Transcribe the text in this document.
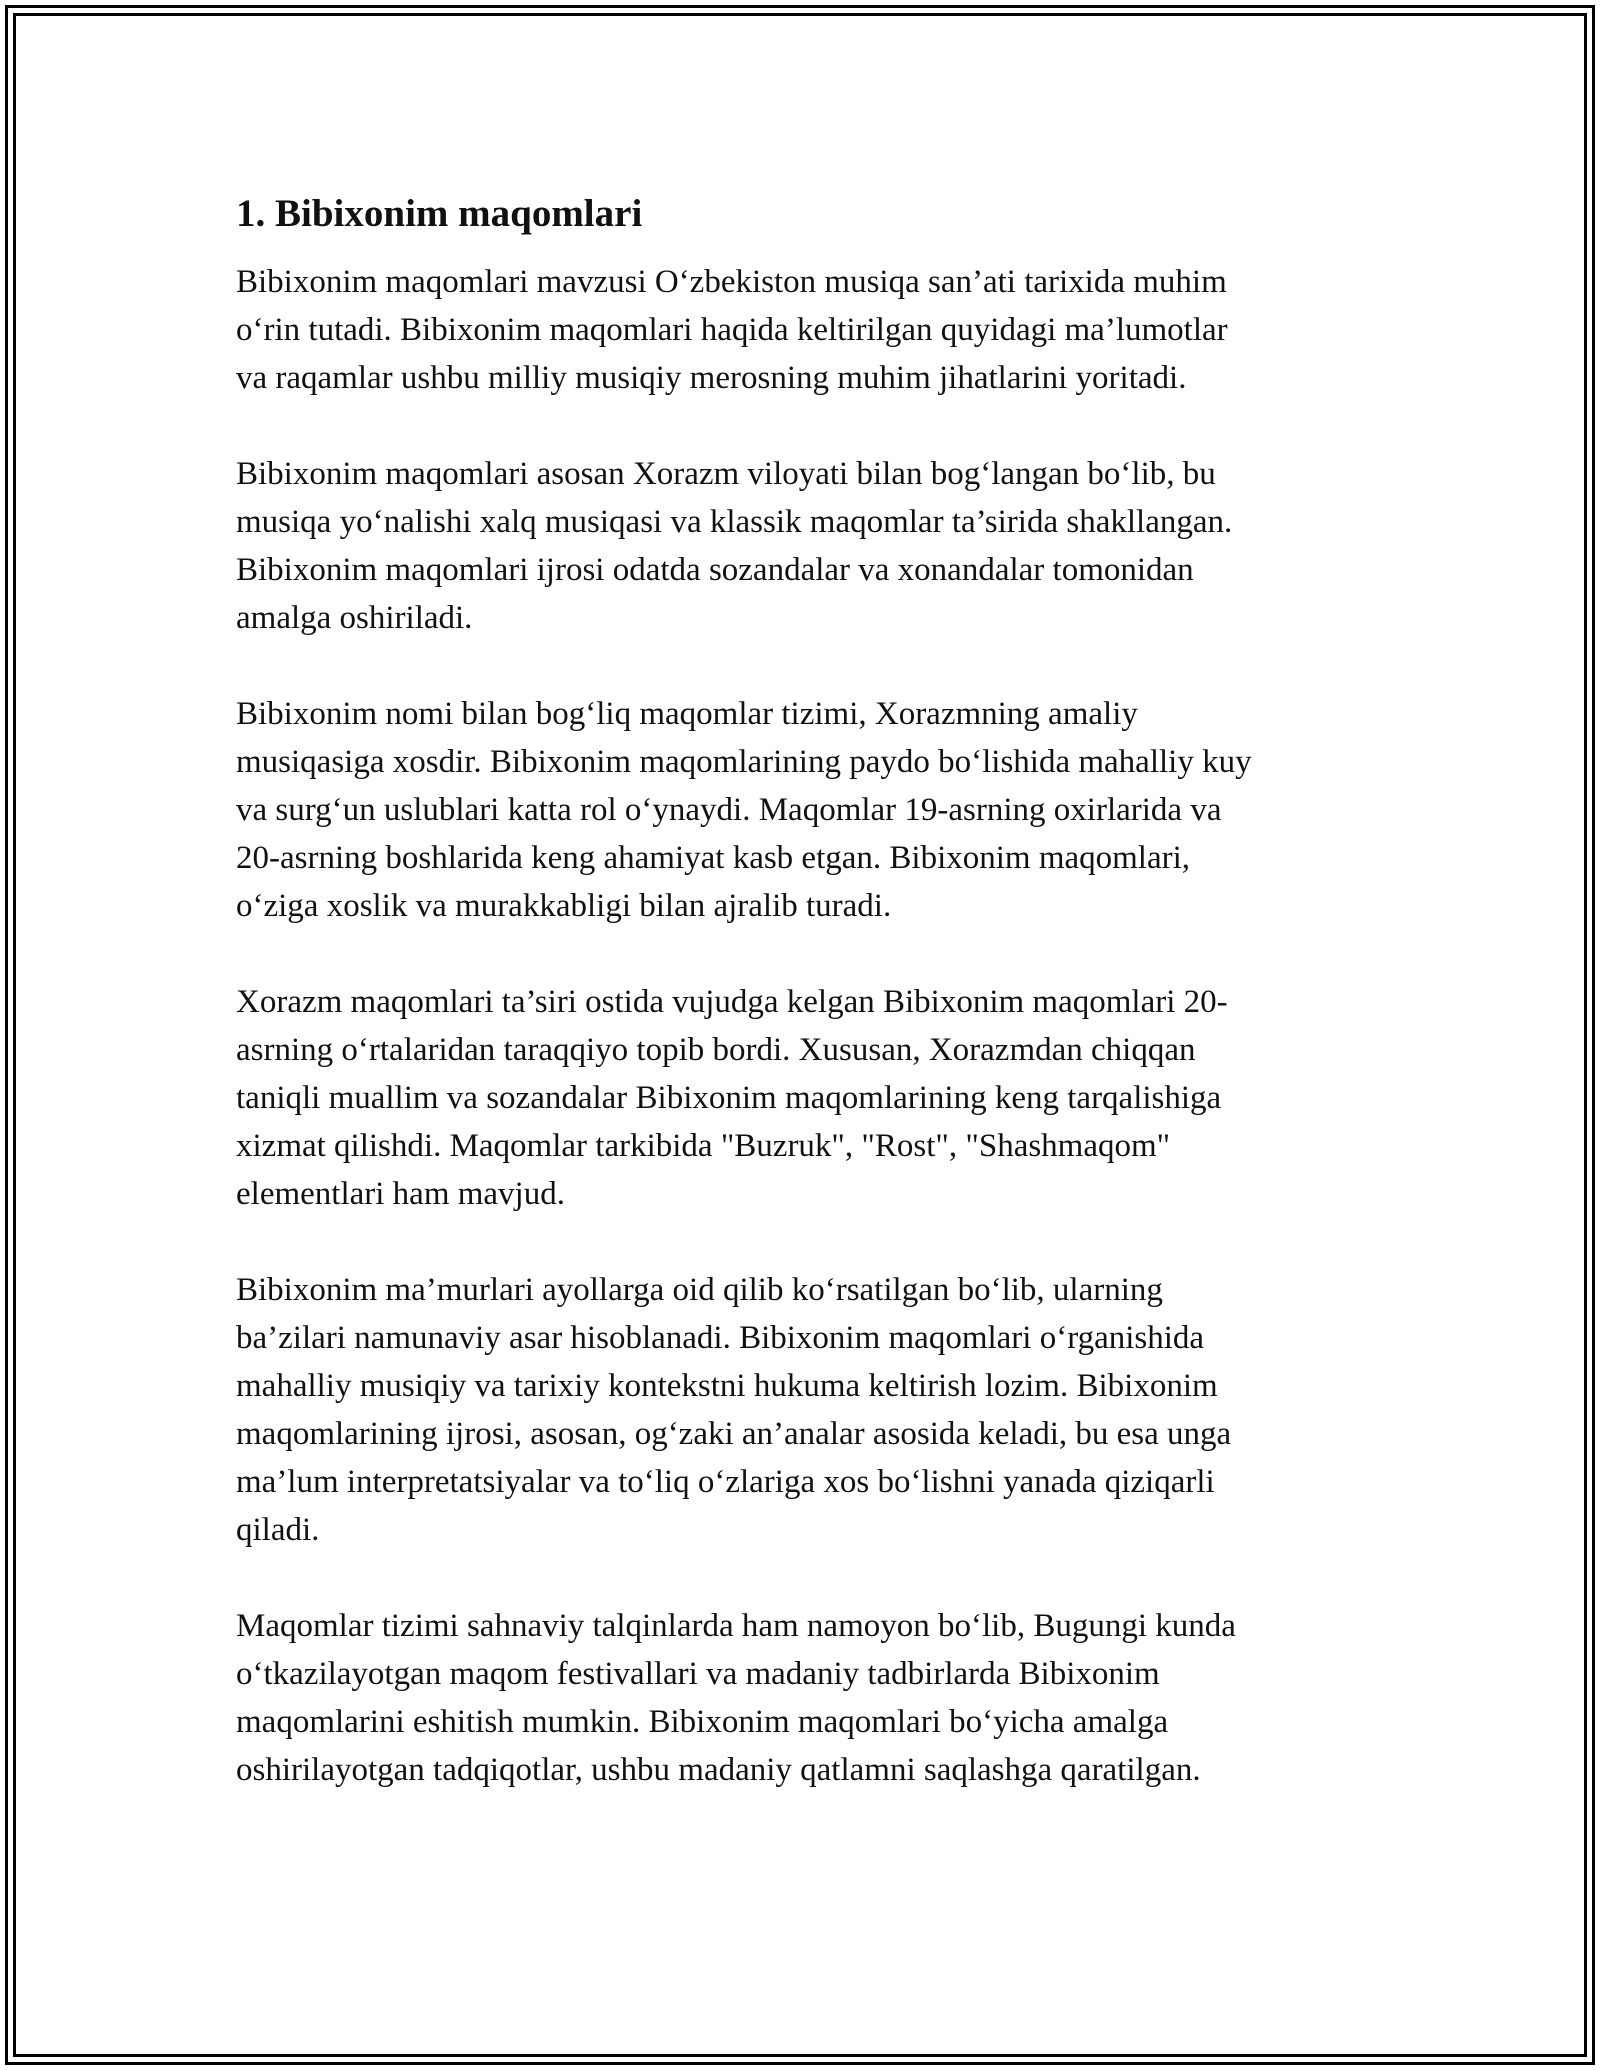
1. Bibixonim maqomlari

Bibixonim maqomlari mavzusi O‘zbekiston musiqa san’ati tarixida muhim
o‘rin tutadi. Bibixonim maqomlari haqida keltirilgan quyidagi ma’lumotlar
va raqamlar ushbu milliy musiqiy merosning muhim jihatlarini yoritadi.

Bibixonim maqomlari asosan Xorazm viloyati bilan bog‘langan bo‘lib, bu
musiqa yo‘nalishi xalq musiqasi va klassik maqomlar ta’sirida shakllangan.
Bibixonim maqomlari ijrosi odatda sozandalar va xonandalar tomonidan
amalga oshiriladi.

Bibixonim nomi bilan bog‘liq maqomlar tizimi, Xorazmning amaliy
musiqasiga xosdir. Bibixonim maqomlarining paydo bo‘lishida mahalliy kuy
va surg‘un uslublari katta rol o‘ynaydi. Maqomlar 19-asrning oxirlarida va
20-asrning boshlarida keng ahamiyat kasb etgan. Bibixonim maqomlari,
o‘ziga xoslik va murakkabligi bilan ajralib turadi.

Xorazm maqomlari ta’siri ostida vujudga kelgan Bibixonim maqomlari 20-
asrning o‘rtalaridan taraqqiyo topib bordi. Xususan, Xorazmdan chiqqan
taniqli muallim va sozandalar Bibixonim maqomlarining keng tarqalishiga
xizmat qilishdi. Maqomlar tarkibida "Buzruk", "Rost", "Shashmaqom"
elementlari ham mavjud.

Bibixonim ma’murlari ayollarga oid qilib ko‘rsatilgan bo‘lib, ularning
ba’zilari namunaviy asar hisoblanadi. Bibixonim maqomlari o‘rganishida
mahalliy musiqiy va tarixiy kontekstni hukuma keltirish lozim. Bibixonim
maqomlarining ijrosi, asosan, og‘zaki an’analar asosida keladi, bu esa unga
ma’lum interpretatsiyalar va to‘liq o‘zlariga xos bo‘lishni yanada qiziqarli
qiladi.

Maqomlar tizimi sahnaviy talqinlarda ham namoyon bo‘lib, Bugungi kunda
o‘tkazilayotgan maqom festivallari va madaniy tadbirlarda Bibixonim
maqomlarini eshitish mumkin. Bibixonim maqomlari bo‘yicha amalga
oshirilayotgan tadqiqotlar, ushbu madaniy qatlamni saqlashga qaratilgan.
